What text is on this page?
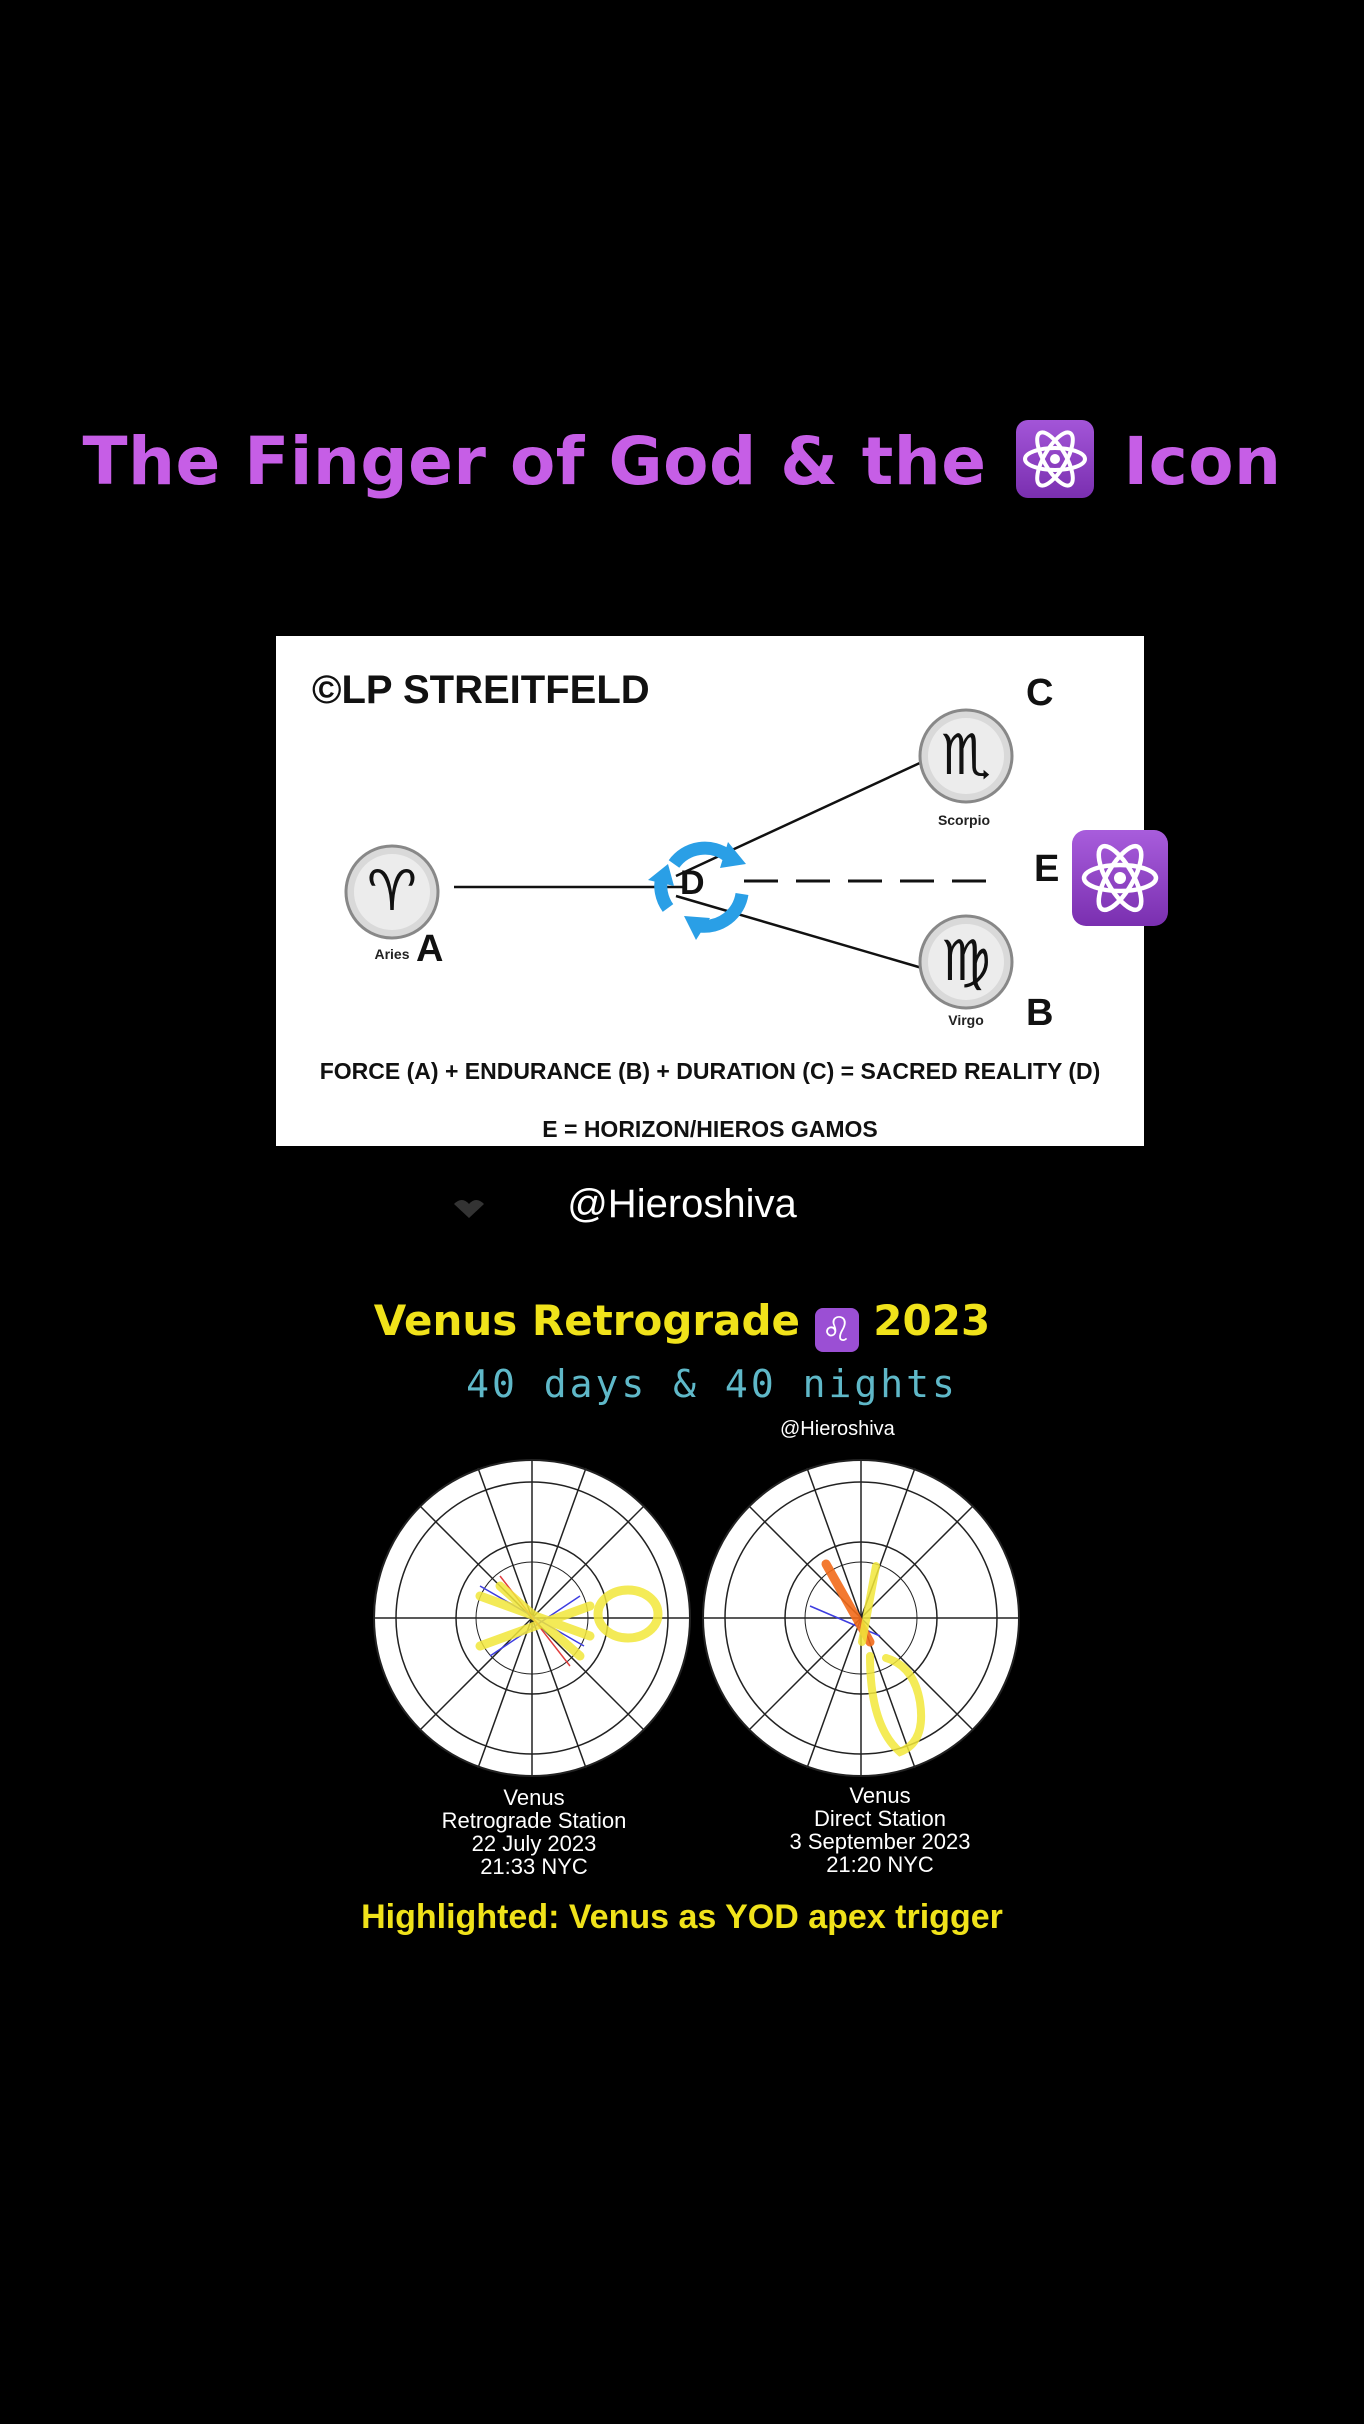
The Finger of God & the
Icon
©LP STREITFELD
♈
♏
♍
Aries
Scorpio
Virgo
A
B
C
D	E
FORCE (A) + ENDURANCE (B) + DURATION (C) = SACRED REALITY (D)
E = HORIZON/HIEROS GAMOS
@Hieroshiva
Venus Retrograde ♌ 2023
40 days & 40 nights
@Hieroshiva
Venus
Retrograde Station
22 July 2023
21:33 NYC
Venus
Direct Station
3 September 2023
21:20 NYC
Highlighted: Venus as YOD apex trigger
